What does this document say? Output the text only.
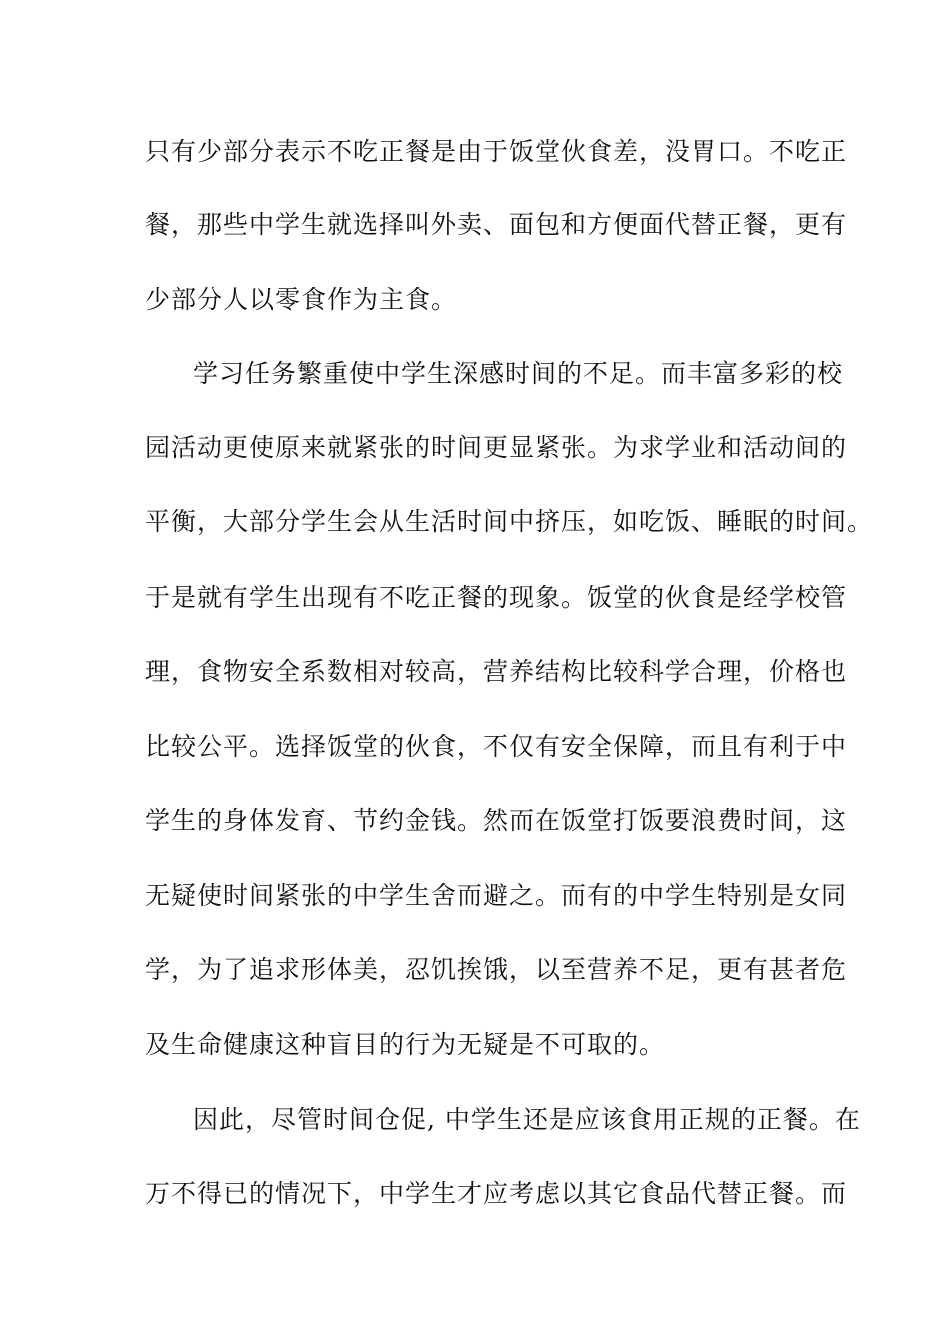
只有少部分表示不吃正餐是由于饭堂伙食差，没胃口。不吃正
餐，那些中学生就选择叫外卖、面包和方便面代替正餐，更有
少部分人以零食作为主食。
学习任务繁重使中学生深感时间的不足。而丰富多彩的校
园活动更使原来就紧张的时间更显紧张。为求学业和活动间的
平衡，大部分学生会从生活时间中挤压，如吃饭、睡眠的时间。
于是就有学生出现有不吃正餐的现象。饭堂的伙食是经学校管
理，食物安全系数相对较高，营养结构比较科学合理，价格也
比较公平。选择饭堂的伙食，不仅有安全保障，而且有利于中
学生的身体发育、节约金钱。然而在饭堂打饭要浪费时间，这
无疑使时间紧张的中学生舍而避之。而有的中学生特别是女同
学，为了追求形体美，忍饥挨饿，以至营养不足，更有甚者危
及生命健康这种盲目的行为无疑是不可取的。
因此，尽管时间仓促, 中学生还是应该食用正规的正餐。在
万不得已的情况下，中学生才应考虑以其它食品代替正餐。而
